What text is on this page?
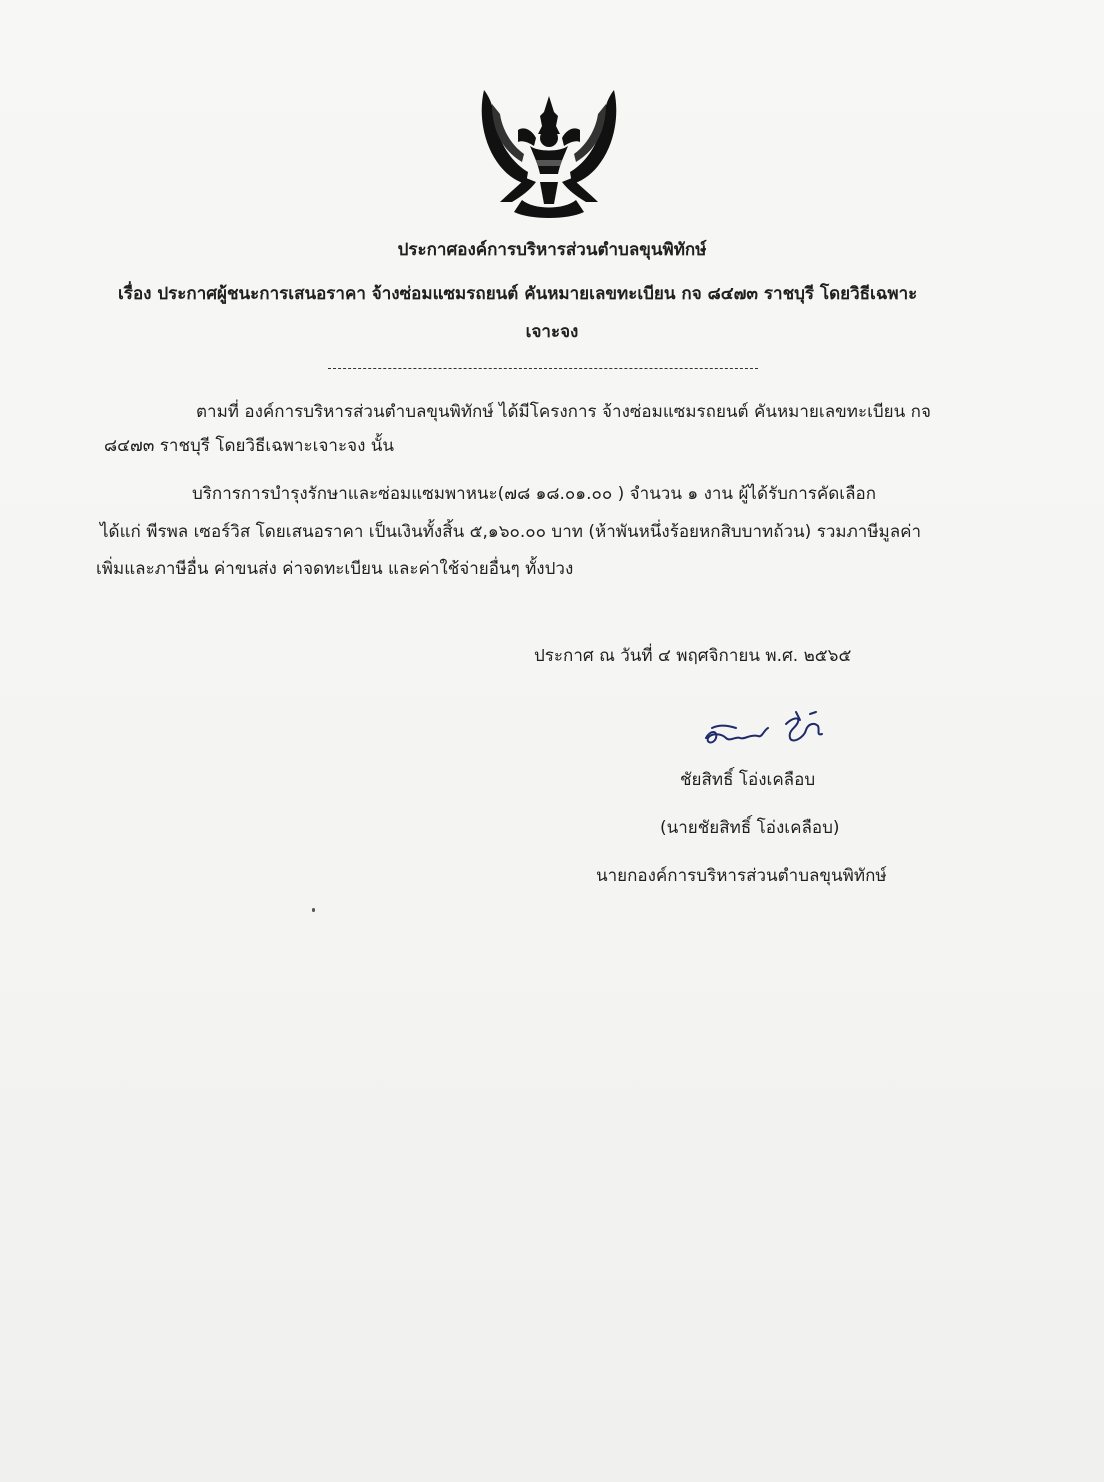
ประกาศองค์การบริหารส่วนตำบลขุนพิทักษ์
เรื่อง ประกาศผู้ชนะการเสนอราคา จ้างซ่อมแซมรถยนต์ คันหมายเลขทะเบียน กจ ๘๔๗๓ ราชบุรี โดยวิธีเฉพาะ
เจาะจง
ตามที่ องค์การบริหารส่วนตำบลขุนพิทักษ์ ได้มีโครงการ จ้างซ่อมแซมรถยนต์ คันหมายเลขทะเบียน กจ
๘๔๗๓ ราชบุรี โดยวิธีเฉพาะเจาะจง นั้น
บริการการบำรุงรักษาและซ่อมแซมพาหนะ(๗๘ ๑๘.๐๑.๐๐ ) จำนวน ๑ งาน ผู้ได้รับการคัดเลือก
ได้แก่ พีรพล เซอร์วิส โดยเสนอราคา เป็นเงินทั้งสิ้น ๕,๑๖๐.๐๐ บาท (ห้าพันหนึ่งร้อยหกสิบบาทถ้วน) รวมภาษีมูลค่า
เพิ่มและภาษีอื่น ค่าขนส่ง ค่าจดทะเบียน และค่าใช้จ่ายอื่นๆ ทั้งปวง
ประกาศ ณ วันที่ ๔ พฤศจิกายน พ.ศ. ๒๕๖๕
ชัยสิทธิ์ โอ่งเคลือบ
(นายชัยสิทธิ์ โอ่งเคลือบ)
นายกองค์การบริหารส่วนตำบลขุนพิทักษ์
